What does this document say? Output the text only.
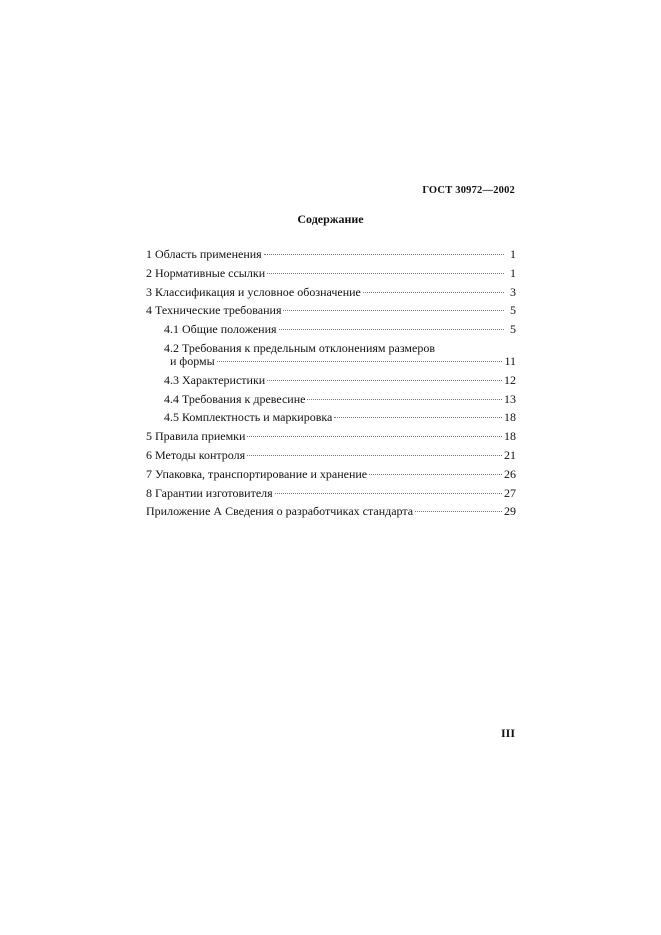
ГОСТ 30972—2002
Содержание
1 Область применения	1
2 Нормативные ссылки	1
3 Классификация и условное обозначение	3
4 Технические требования	5
4.1 Общие положения	5
4.2 Требования к предельным отклонениям размеров
и формы	11
4.3 Характеристики	12
4.4 Требования к древесине	13
4.5 Комплектность и маркировка	18
5 Правила приемки	18
6 Методы контроля	21
7 Упаковка, транспортирование и хранение	26
8 Гарантии изготовителя	27
Приложение А Сведения о разработчиках стандарта	29
III
